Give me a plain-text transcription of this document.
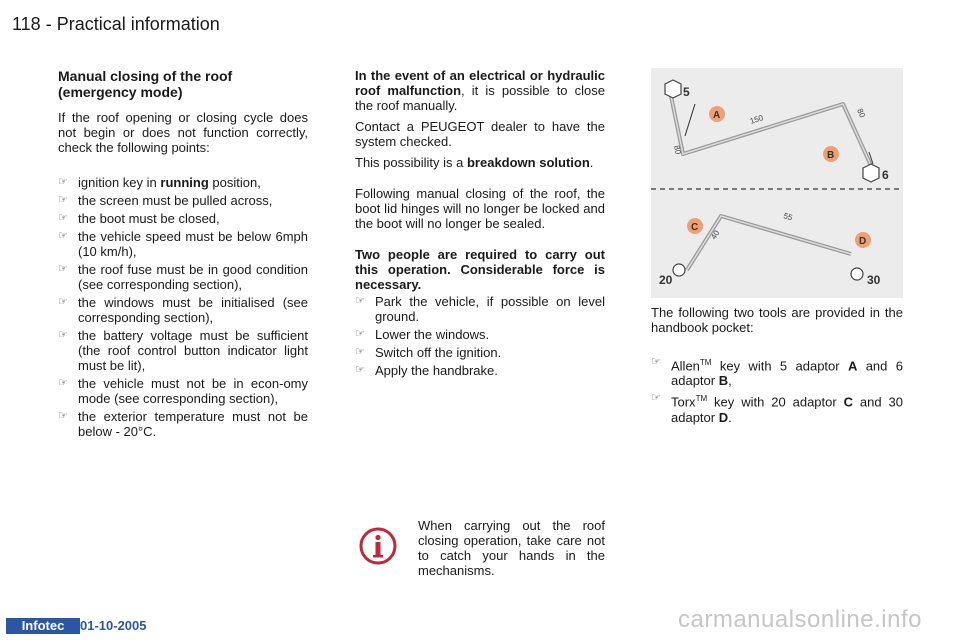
118 - Practical information
Manual closing of the roof
(emergency mode)

If the roof opening or closing cycle does not begin or does not function correctly, check the following points:

☞ ignition key in running position,
☞ the screen must be pulled across,
☞ the boot must be closed,
☞ the vehicle speed must be below 6mph (10 km/h),
☞ the roof fuse must be in good condition (see corresponding section),
☞ the windows must be initialised (see corresponding section),
☞ the battery voltage must be sufficient (the roof control button indicator light must be lit),
☞ the vehicle must not be in econ-omy mode (see corresponding section),
☞ the exterior temperature must not be below - 20°C.

In the event of an electrical or hydraulic roof malfunction, it is possible to close the roof manually.

Contact a PEUGEOT dealer to have the system checked.

This possibility is a breakdown solution.

Following manual closing of the roof, the boot lid hinges will no longer be locked and the boot will no longer be sealed.

Two people are required to carry out this operation. Considerable force is necessary.

☞ Park the vehicle, if possible on level ground.
☞ Lower the windows.
☞ Switch off the ignition.
☞ Apply the handbrake.
When carrying out the roof closing operation, take care not to catch your hands in the mechanisms.
5
6
A
B
150
80
80
C
D
40
55
20	30

The following two tools are provided in the handbook pocket:

☞ Allen™ key with 5 adaptor A and 6 adaptor B,
☞ Torx™ key with 20 adaptor C and 30 adaptor D.
Infotec	01-10-2005	carmanualsonline.info
